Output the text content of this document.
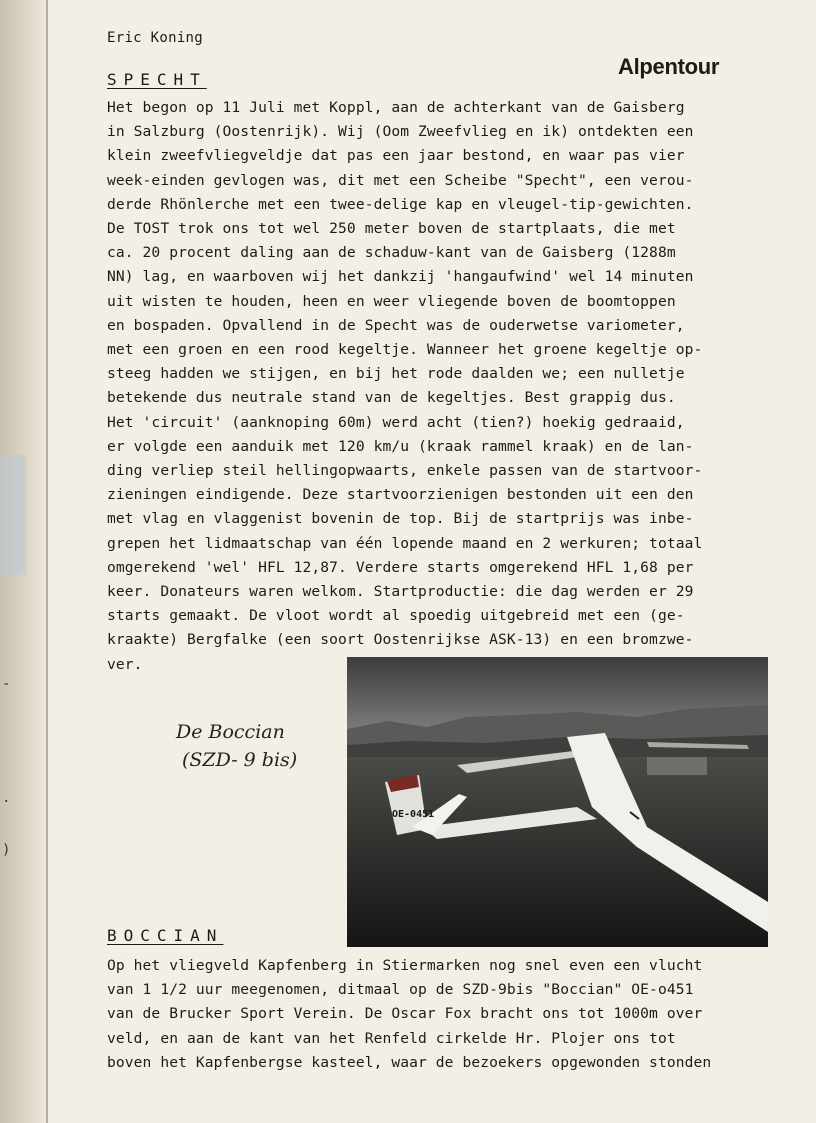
-
.
)
Eric Koning
Alpentour
SPECHT
Het begon op 11 Juli met Koppl, aan de achterkant van de Gaisberg
in Salzburg (Oostenrijk). Wij (Oom Zweefvlieg en ik) ontdekten een
klein zweefvliegveldje dat pas een jaar bestond, en waar pas vier
week-einden gevlogen was, dit met een Scheibe "Specht", een verou-
derde Rhönlerche met een twee-delige kap en vleugel-tip-gewichten.
De TOST trok ons tot wel 250 meter boven de startplaats, die met
ca. 20 procent daling aan de schaduw-kant van de Gaisberg (1288m
NN) lag, en waarboven wij het dankzij 'hangaufwind' wel 14 minuten
uit wisten te houden, heen en weer vliegende boven de boomtoppen
en bospaden. Opvallend in de Specht was de ouderwetse variometer,
met een groen en een rood kegeltje. Wanneer het groene kegeltje op-
steeg hadden we stijgen, en bij het rode daalden we; een nulletje
betekende dus neutrale stand van de kegeltjes. Best grappig dus.
Het 'circuit' (aanknoping 60m) werd acht (tien?) hoekig gedraaid,
er volgde een aanduik met 120 km/u (kraak rammel kraak) en de lan-
ding verliep steil hellingopwaarts, enkele passen van de startvoor-
zieningen eindigende. Deze startvoorzienigen bestonden uit een den
met vlag en vlaggenist bovenin de top. Bij de startprijs was inbe-
grepen het lidmaatschap van één lopende maand en 2 werkuren; totaal
omgerekend 'wel' HFL 12,87. Verdere starts omgerekend HFL 1,68 per
keer. Donateurs waren welkom. Startproductie: die dag werden er 29
starts gemaakt. De vloot wordt al spoedig uitgebreid met een (ge-
kraakte) Bergfalke (een soort Oostenrijkse ASK-13) en een bromzwe-
ver.
De Boccian
(SZD- 9 bis)
OE-0451
BOCCIAN
Op het vliegveld Kapfenberg in Stiermarken nog snel even een vlucht
van 1 1/2 uur meegenomen, ditmaal op de SZD-9bis "Boccian" OE-o451
van de Brucker Sport Verein. De Oscar Fox bracht ons tot 1000m over
veld, en aan de kant van het Renfeld cirkelde Hr. Plojer ons tot
boven het Kapfenbergse kasteel, waar de bezoekers opgewonden stonden
